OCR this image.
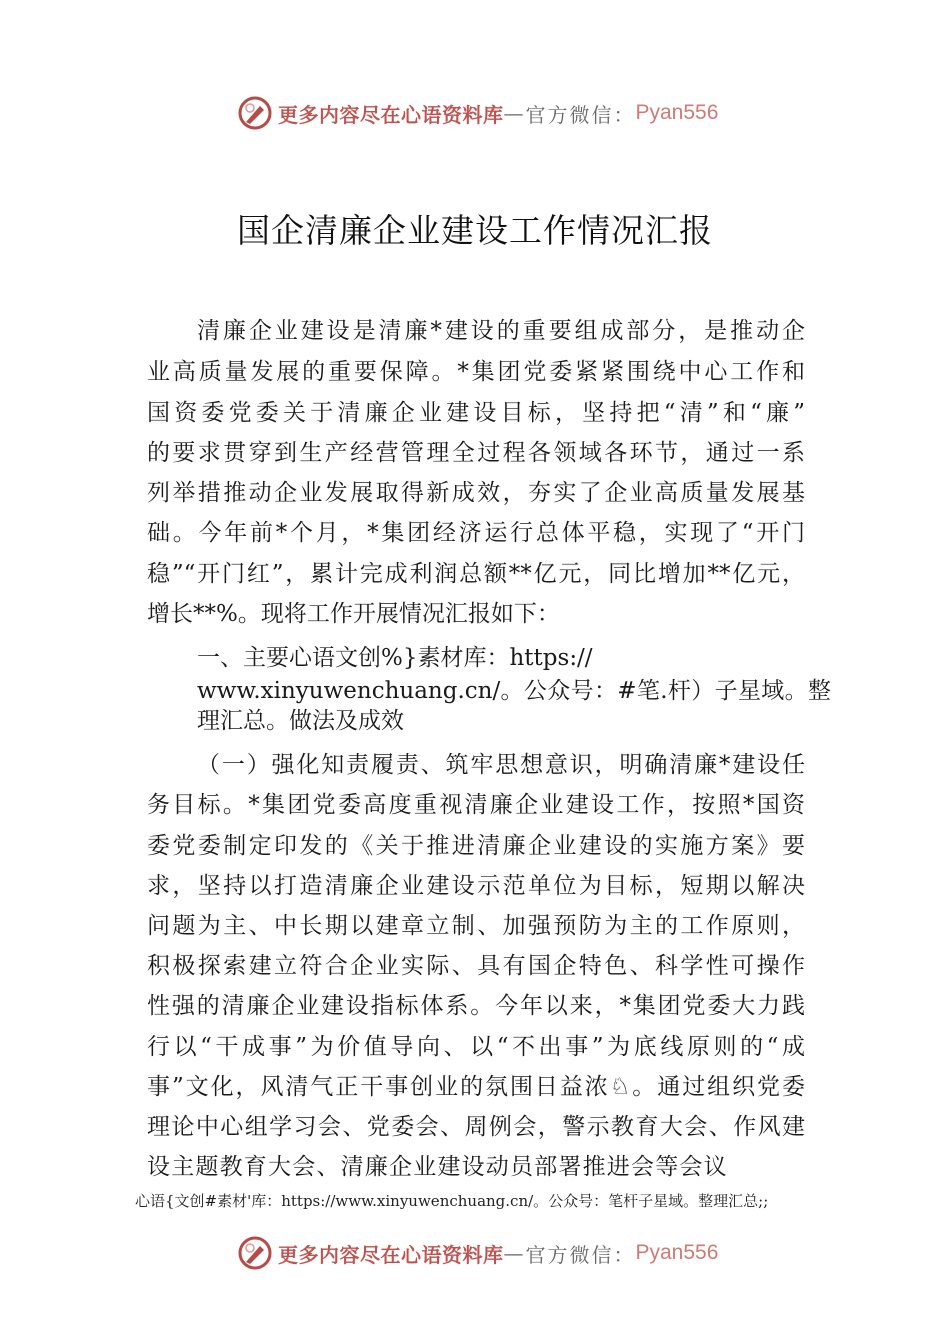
更多内容尽在心语资料库 — 官方微信： Pyan556
国企清廉企业建设工作情况汇报
清廉企业建设是清廉*建设的重要组成部分，是推动企
业高质量发展的重要保障。*集团党委紧紧围绕中心工作和
国资委党委关于清廉企业建设目标，坚持把“清”和“廉”
的要求贯穿到生产经营管理全过程各领域各环节，通过一系
列举措推动企业发展取得新成效，夯实了企业高质量发展基
础。今年前*个月，*集团经济运行总体平稳，实现了“开门
稳”“开门红”，累计完成利润总额**亿元，同比增加**亿元，
增长**%。现将工作开展情况汇报如下：
一、主要心语文创%}素材库：https://
www.xinyuwenchuang.cn/。公众号：#笔.杆）子星域。整
理汇总。做法及成效
（一）强化知责履责、筑牢思想意识，明确清廉*建设任
务目标。*集团党委高度重视清廉企业建设工作，按照*国资
委党委制定印发的《关于推进清廉企业建设的实施方案》要
求，坚持以打造清廉企业建设示范单位为目标，短期以解决
问题为主、中长期以建章立制、加强预防为主的工作原则，
积极探索建立符合企业实际、具有国企特色、科学性可操作
性强的清廉企业建设指标体系。今年以来，*集团党委大力践
行以“干成事”为价值导向、以“不出事”为底线原则的“成
事”文化，风清气正干事创业的氛围日益浓♘。通过组织党委
理论中心组学习会、党委会、周例会，警示教育大会、作风建
设主题教育大会、清廉企业建设动员部署推进会等会议
心语{文创#素材'库：https://www.xinyuwenchuang.cn/。公众号：笔杆子星域。整理汇总;;
更多内容尽在心语资料库 — 官方微信： Pyan556
